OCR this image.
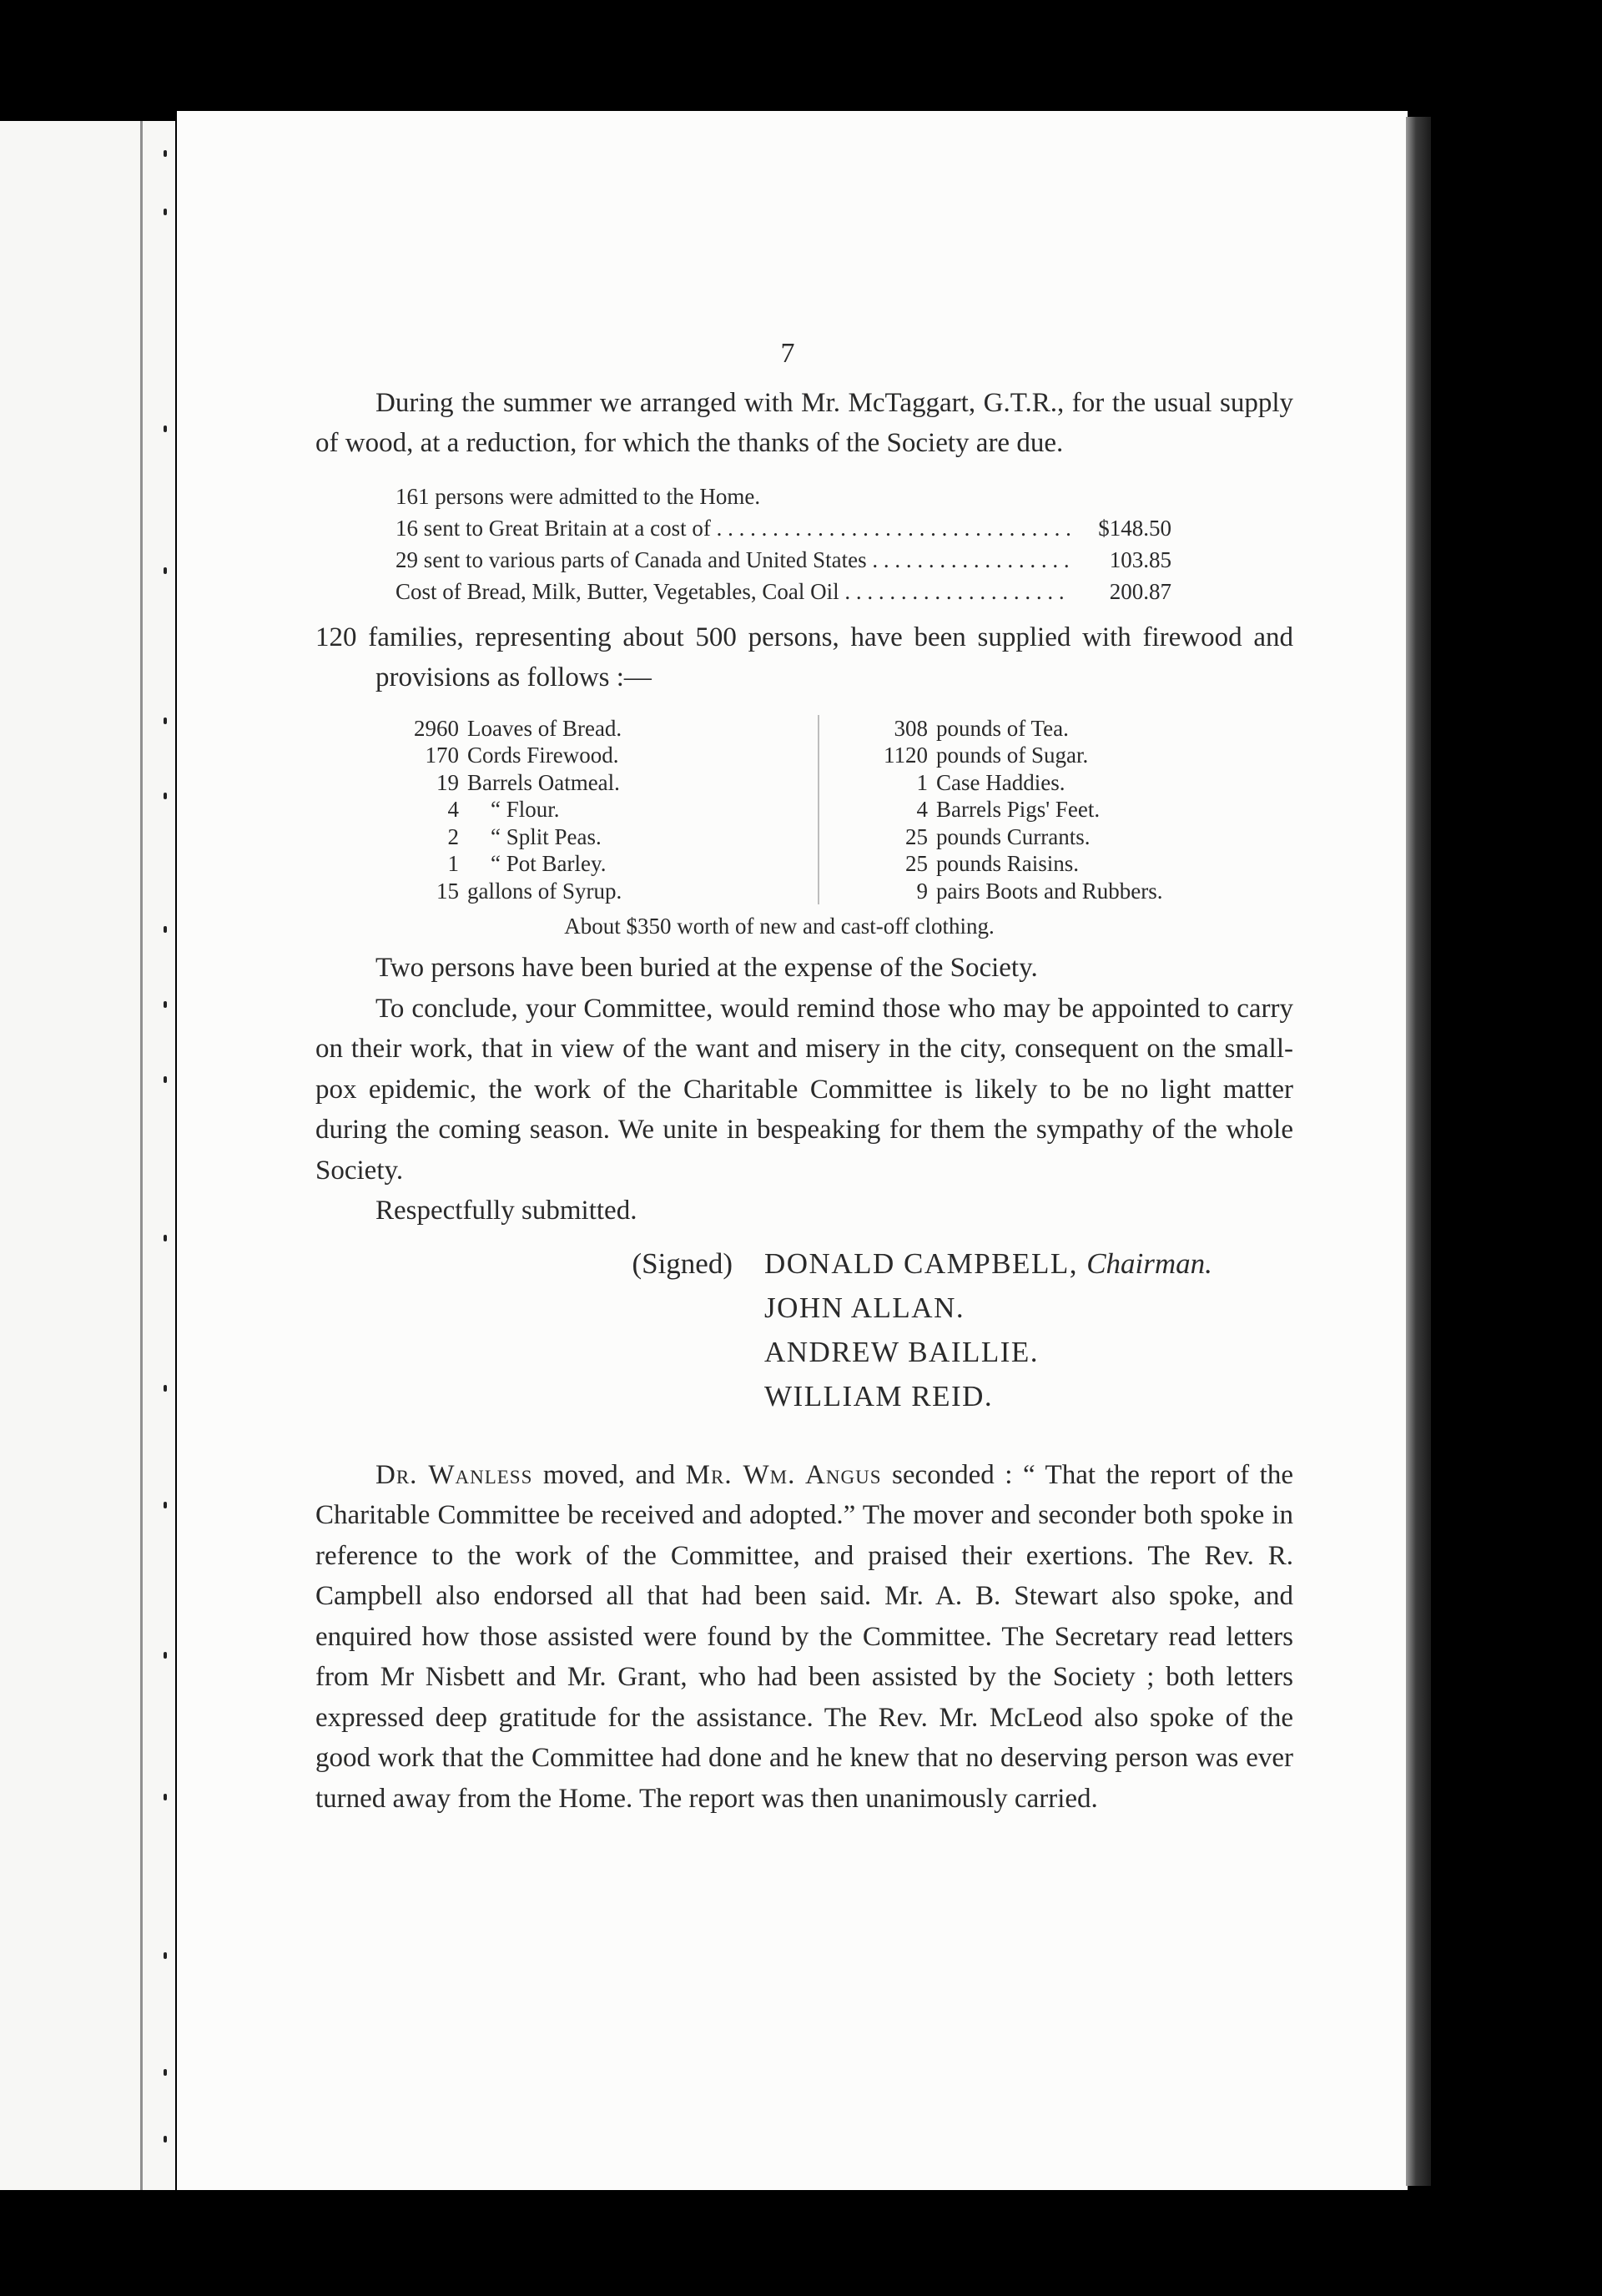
7

During the summer we arranged with Mr. McTaggart, G.T.R., for the usual supply of wood, at a reduction, for which the thanks of the Society are due.

161 persons were admitted to the Home.
16 sent to Great Britain at a cost of . . .	$148.50
29 sent to various parts of Canada and United States . . .	103.85
Cost of Bread, Milk, Butter, Vegetables, Coal Oil . . .	200.87

120 families, representing about 500 persons, have been supplied with firewood and provisions as follows :—

2960 Loaves of Bread.
170 Cords Firewood.
19 Barrels Oatmeal.
4	“ Flour.
2	“ Split Peas.
1	“ Pot Barley.
15 gallons of Syrup.
308 pounds of Tea.
1120 pounds of Sugar.
1 Case Haddies.
4 Barrels Pigs' Feet.
25 pounds Currants.
25 pounds Raisins.
9 pairs Boots and Rubbers.
About $350 worth of new and cast-off clothing.

Two persons have been buried at the expense of the Society.

To conclude, your Committee, would remind those who may be appointed to carry on their work, that in view of the want and misery in the city, consequent on the small-pox epidemic, the work of the Charitable Committee is likely to be no light matter during the coming season. We unite in bespeaking for them the sympathy of the whole Society.

Respectfully submitted.

(Signed)	DONALD CAMPBELL, Chairman.
JOHN ALLAN.
ANDREW BAILLIE.
WILLIAM REID.

Dr. Wanless moved, and Mr. Wm. Angus seconded : “ That the report of the Charitable Committee be received and adopted.” The mover and seconder both spoke in reference to the work of the Committee, and praised their exertions. The Rev. R. Campbell also endorsed all that had been said. Mr. A. B. Stewart also spoke, and enquired how those assisted were found by the Committee. The Secretary read letters from Mr Nisbett and Mr. Grant, who had been assisted by the Society ; both letters expressed deep gratitude for the assistance. The Rev. Mr. McLeod also spoke of the good work that the Committee had done and he knew that no deserving person was ever turned away from the Home. The report was then unanimously carried.
